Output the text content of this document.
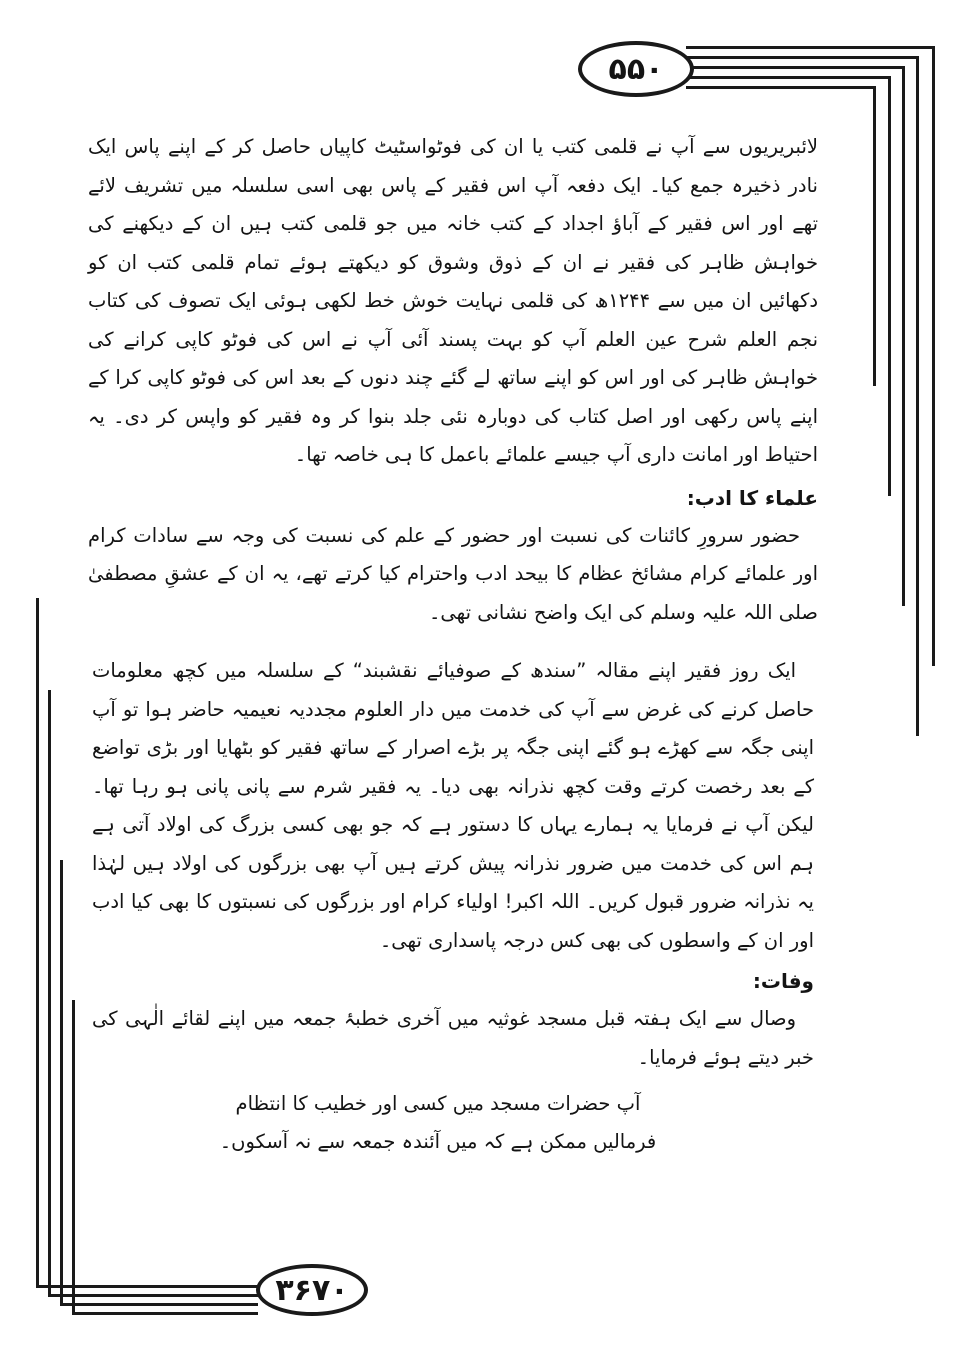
۵۵۰
۳۶۷۰

لائبریریوں سے آپ نے قلمی کتب یا ان کی فوٹواسٹیٹ کاپیاں حاصل کر کے اپنے پاس ایک نادر ذخیرہ جمع کیا۔ ایک دفعہ آپ اس فقیر کے پاس بھی اسی سلسلہ میں تشریف لائے تھے اور اس فقیر کے آباؤ اجداد کے کتب خانہ میں جو قلمی کتب ہیں ان کے دیکھنے کی خواہش ظاہر کی فقیر نے ان کے ذوق وشوق کو دیکھتے ہوئے تمام قلمی کتب ان کو دکھائیں ان میں سے ۱۲۴۴ھ کی قلمی نہایت خوش خط لکھی ہوئی ایک تصوف کی کتاب نجم العلم شرح عین العلم آپ کو بہت پسند آئی آپ نے اس کی فوٹو کاپی کرانے کی خواہش ظاہر کی اور اس کو اپنے ساتھ لے گئے چند دنوں کے بعد اس کی فوٹو کاپی کرا کے اپنے پاس رکھی اور اصل کتاب کی دوبارہ نئی جلد بنوا کر وہ فقیر کو واپس کر دی۔ یہ احتیاط اور امانت داری آپ جیسے علمائے باعمل کا ہی خاصہ تھا۔

علماء کا ادب:

حضور سرورِ کائنات کی نسبت اور حضور کے علم کی نسبت کی وجہ سے سادات کرام اور علمائے کرام مشائخ عظام کا بیحد ادب واحترام کیا کرتے تھے، یہ ان کے عشقِ مصطفیٰ صلی اللہ علیہ وسلم کی ایک واضح نشانی تھی۔

ایک روز فقیر اپنے مقالہ ”سندھ کے صوفیائے نقشبند“ کے سلسلہ میں کچھ معلومات حاصل کرنے کی غرض سے آپ کی خدمت میں دار العلوم مجددیہ نعیمیہ حاضر ہوا تو آپ اپنی جگہ سے کھڑے ہو گئے اپنی جگہ پر بڑے اصرار کے ساتھ فقیر کو بٹھایا اور بڑی تواضع کے بعد رخصت کرتے وقت کچھ نذرانہ بھی دیا۔ یہ فقیر شرم سے پانی پانی ہو رہا تھا۔ لیکن آپ نے فرمایا یہ ہمارے یہاں کا دستور ہے کہ جو بھی کسی بزرگ کی اولاد آتی ہے ہم اس کی خدمت میں ضرور نذرانہ پیش کرتے ہیں آپ بھی بزرگوں کی اولاد ہیں لہٰذا یہ نذرانہ ضرور قبول کریں۔ اللہ اکبر! اولیاء کرام اور بزرگوں کی نسبتوں کا بھی کیا ادب اور ان کے واسطوں کی بھی کس درجہ پاسداری تھی۔

وفات:

وصال سے ایک ہفتہ قبل مسجد غوثیہ میں آخری خطبۂ جمعہ میں اپنے لقائے الٰہی کی خبر دیتے ہوئے فرمایا۔

آپ حضرات مسجد میں کسی اور خطیب کا انتظام فرمالیں ممکن ہے کہ میں آئندہ جمعہ سے نہ آسکوں۔
